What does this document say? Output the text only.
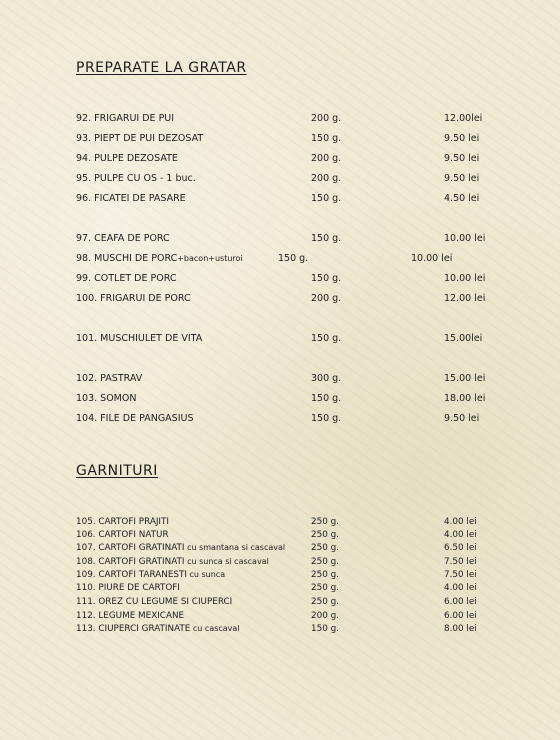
PREPARATE LA GRATAR
92. FRIGARUI DE PUI	200 g.	12.00lei
93. PIEPT DE PUI DEZOSAT	150 g.	9.50 lei
94. PULPE DEZOSATE	200 g.	9.50 lei
95. PULPE CU OS - 1 buc.	200 g.	9.50 lei
96. FICATEI DE PASARE	150 g.	4.50 lei
97. CEAFA DE PORC	150 g.	10.00 lei
98. MUSCHI DE PORC+bacon+usturoi	150 g.	10.00 lei
99. COTLET DE PORC	150 g.	10.00 lei
100. FRIGARUI DE PORC	200 g.	12.00 lei
101. MUSCHIULET DE VITA	150 g.	15.00lei
102. PASTRAV	300 g.	15.00 lei
103. SOMON	150 g.	18.00 lei
104. FILE DE PANGASIUS	150 g.	9.50 lei
GARNITURI
105. CARTOFI PRAJITI	250 g.	4.00 lei
106. CARTOFI NATUR	250 g.	4.00 lei
107. CARTOFI GRATINATI cu smantana si cascaval	250 g.	6.50 lei
108. CARTOFI GRATINATI cu sunca si cascaval	250 g.	7.50 lei
109. CARTOFI TARANESTI cu sunca	250 g.	7.50 lei
110. PIURE DE CARTOFI	250 g.	4.00 lei
111. OREZ CU LEGUME SI CIUPERCI	250 g.	6.00 lei
112. LEGUME MEXICANE	200 g.	6.00 lei
113. CIUPERCI GRATINATE cu cascaval	150 g.	8.00 lei
